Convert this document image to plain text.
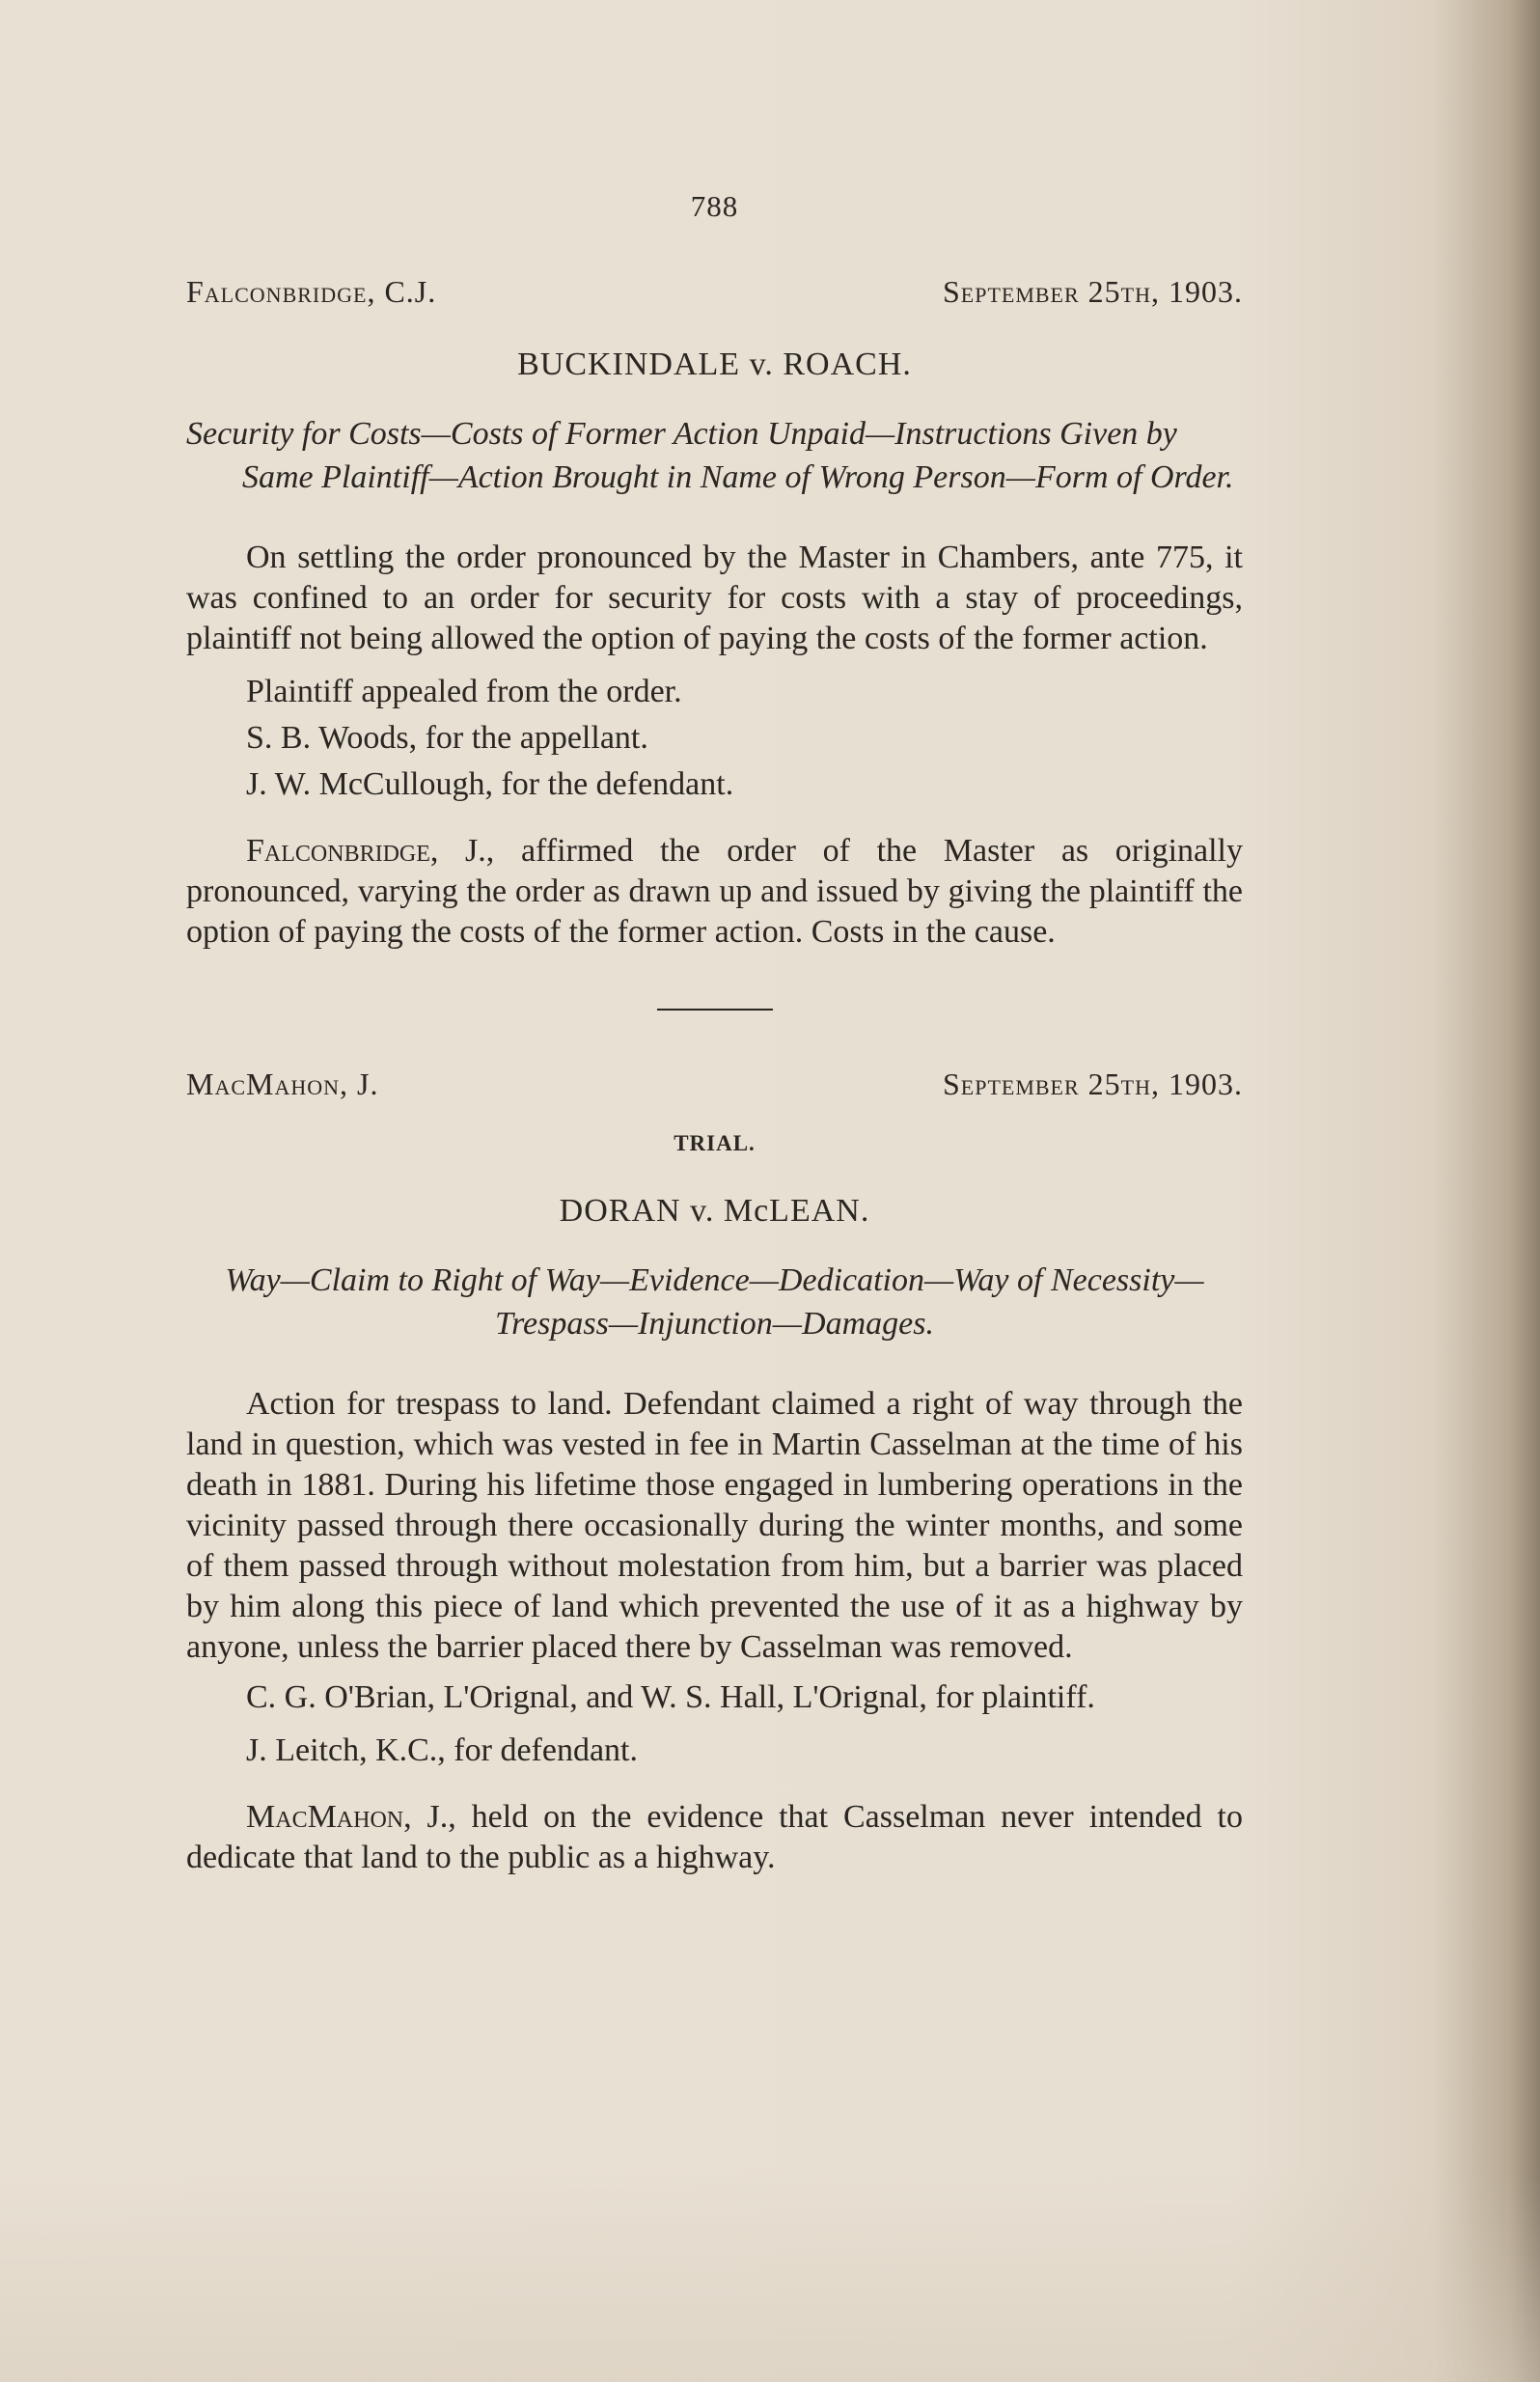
788
Falconbridge, C.J.	September 25th, 1903.
BUCKINDALE v. ROACH.
Security for Costs—Costs of Former Action Unpaid—Instructions Given by Same Plaintiff—Action Brought in Name of Wrong Person—Form of Order.

On settling the order pronounced by the Master in Chambers, ante 775, it was confined to an order for security for costs with a stay of proceedings, plaintiff not being allowed the option of paying the costs of the former action.

Plaintiff appealed from the order.
S. B. Woods, for the appellant.
J. W. McCullough, for the defendant.

Falconbridge, J., affirmed the order of the Master as originally pronounced, varying the order as drawn up and issued by giving the plaintiff the option of paying the costs of the former action. Costs in the cause.

MacMahon, J.	September 25th, 1903.
TRIAL.
DORAN v. McLEAN.
Way—Claim to Right of Way—Evidence—Dedication—Way of Necessity—Trespass—Injunction—Damages.

Action for trespass to land. Defendant claimed a right of way through the land in question, which was vested in fee in Martin Casselman at the time of his death in 1881. During his lifetime those engaged in lumbering operations in the vicinity passed through there occasionally during the winter months, and some of them passed through without molestation from him, but a barrier was placed by him along this piece of land which prevented the use of it as a highway by anyone, unless the barrier placed there by Casselman was removed.

C. G. O'Brian, L'Orignal, and W. S. Hall, L'Orignal, for plaintiff.

J. Leitch, K.C., for defendant.

MacMahon, J., held on the evidence that Casselman never intended to dedicate that land to the public as a highway.
